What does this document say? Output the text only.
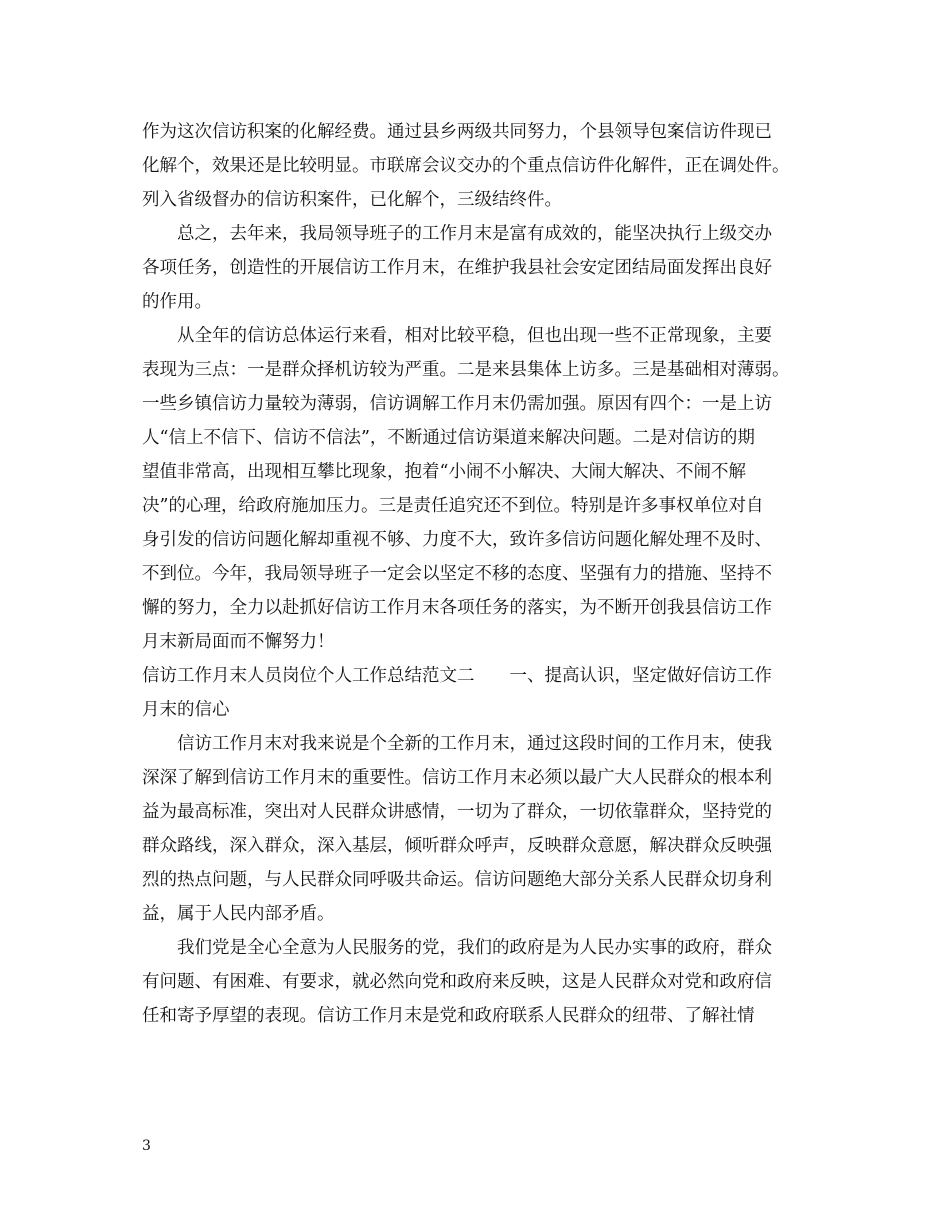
作为这次信访积案的化解经费。通过县乡两级共同努力，个县领导包案信访件现已
化解个，效果还是比较明显。市联席会议交办的个重点信访件化解件，正在调处件。
列入省级督办的信访积案件，已化解个，三级结终件。
总之，去年来，我局领导班子的工作月末是富有成效的，能坚决执行上级交办
各项任务，创造性的开展信访工作月末，在维护我县社会安定团结局面发挥出良好
的作用。
从全年的信访总体运行来看，相对比较平稳，但也出现一些不正常现象，主要
表现为三点：一是群众择机访较为严重。二是来县集体上访多。三是基础相对薄弱。
一些乡镇信访力量较为薄弱，信访调解工作月末仍需加强。原因有四个：一是上访
人“信上不信下、信访不信法”，不断通过信访渠道来解决问题。二是对信访的期
望值非常高，出现相互攀比现象，抱着“小闹不小解决、大闹大解决、不闹不解
决”的心理，给政府施加压力。三是责任追究还不到位。特别是许多事权单位对自
身引发的信访问题化解却重视不够、力度不大，致许多信访问题化解处理不及时、
不到位。今年，我局领导班子一定会以坚定不移的态度、坚强有力的措施、坚持不
懈的努力，全力以赴抓好信访工作月末各项任务的落实，为不断开创我县信访工作
月末新局面而不懈努力！
信访工作月末人员岗位个人工作总结范文二　　一、提高认识，坚定做好信访工作
月末的信心
信访工作月末对我来说是个全新的工作月末，通过这段时间的工作月末，使我
深深了解到信访工作月末的重要性。信访工作月末必须以最广大人民群众的根本利
益为最高标准，突出对人民群众讲感情，一切为了群众，一切依靠群众，坚持党的
群众路线，深入群众，深入基层，倾听群众呼声，反映群众意愿，解决群众反映强
烈的热点问题，与人民群众同呼吸共命运。信访问题绝大部分关系人民群众切身利
益，属于人民内部矛盾。
我们党是全心全意为人民服务的党，我们的政府是为人民办实事的政府，群众
有问题、有困难、有要求，就必然向党和政府来反映，这是人民群众对党和政府信
任和寄予厚望的表现。信访工作月末是党和政府联系人民群众的纽带、了解社情
3
